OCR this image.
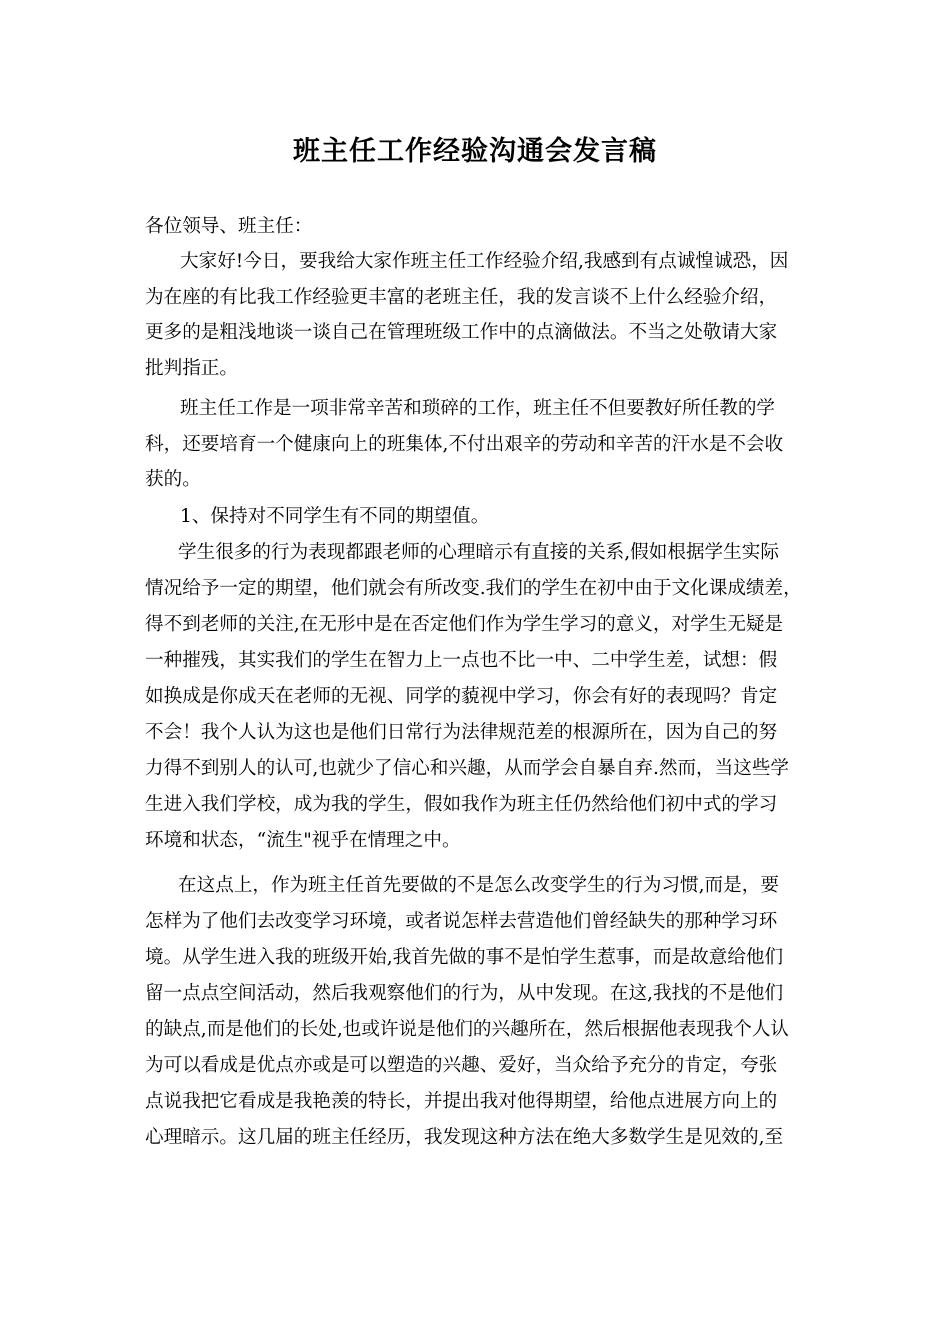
班主任工作经验沟通会发言稿

各位领导、班主任：

大家好!今日，要我给大家作班主任工作经验介绍,我感到有点诚惶诚恐，因

为在座的有比我工作经验更丰富的老班主任，我的发言谈不上什么经验介绍，

更多的是粗浅地谈一谈自己在管理班级工作中的点滴做法。不当之处敬请大家

批判指正。

班主任工作是一项非常辛苦和琐碎的工作，班主任不但要教好所任教的学

科，还要培育一个健康向上的班集体,不付出艰辛的劳动和辛苦的汗水是不会收

获的。

1、保持对不同学生有不同的期望值。

学生很多的行为表现都跟老师的心理暗示有直接的关系,假如根据学生实际

情况给予一定的期望，他们就会有所改变.我们的学生在初中由于文化课成绩差，

得不到老师的关注,在无形中是在否定他们作为学生学习的意义，对学生无疑是

一种摧残，其实我们的学生在智力上一点也不比一中、二中学生差，试想：假

如换成是你成天在老师的无视、同学的藐视中学习，你会有好的表现吗？肯定

不会！我个人认为这也是他们日常行为法律规范差的根源所在，因为自己的努

力得不到别人的认可,也就少了信心和兴趣，从而学会自暴自弃.然而，当这些学

生进入我们学校，成为我的学生，假如我作为班主任仍然给他们初中式的学习

环境和状态，“流生"视乎在情理之中。

在这点上，作为班主任首先要做的不是怎么改变学生的行为习惯,而是，要

怎样为了他们去改变学习环境，或者说怎样去营造他们曾经缺失的那种学习环

境。从学生进入我的班级开始,我首先做的事不是怕学生惹事，而是故意给他们

留一点点空间活动，然后我观察他们的行为，从中发现。在这,我找的不是他们

的缺点,而是他们的长处,也或许说是他们的兴趣所在，然后根据他表现我个人认

为可以看成是优点亦或是可以塑造的兴趣、爱好，当众给予充分的肯定，夸张

点说我把它看成是我艳羡的特长，并提出我对他得期望，给他点进展方向上的

心理暗示。这几届的班主任经历，我发现这种方法在绝大多数学生是见效的,至
